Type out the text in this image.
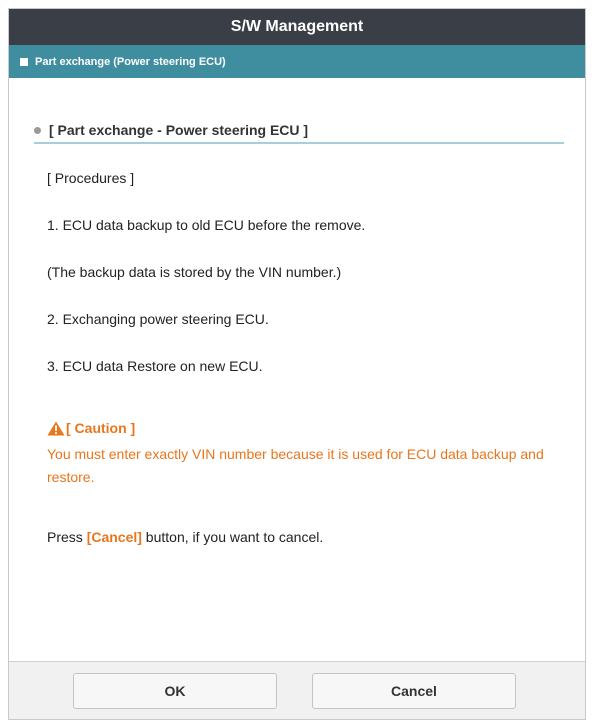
S/W Management
Part exchange (Power steering ECU)
[ Part exchange - Power steering ECU ]
[ Procedures ]
1. ECU data backup to old ECU before the remove.
(The backup data is stored by the VIN number.)
2. Exchanging power steering ECU.
3. ECU data Restore on new ECU.
[ Caution ]
You must enter exactly VIN number because it is used for ECU data backup and restore.
Press [Cancel] button, if you want to cancel.
OK	Cancel
